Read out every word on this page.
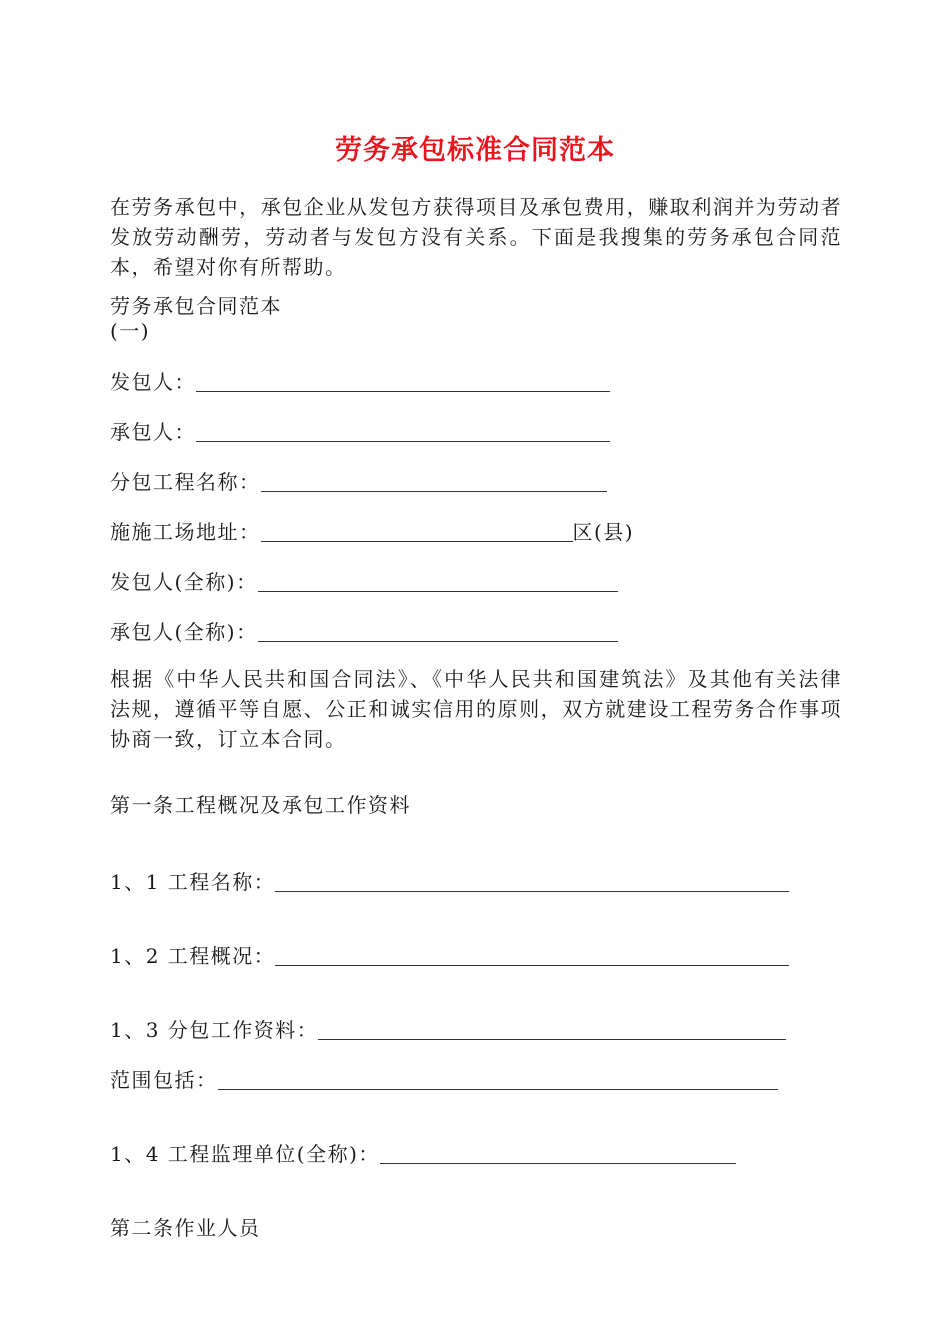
劳务承包标准合同范本
在劳务承包中，承包企业从发包方获得项目及承包费用，赚取利润并为劳动者发放劳动酬劳，劳动者与发包方没有关系。下面是我搜集的劳务承包合同范本，希望对你有所帮助。
劳务承包合同范本
(一)
发包人：
承包人：
分包工程名称：
施施工场地址：	区(县)
发包人(全称)：
承包人(全称)：
根据《中华人民共和国合同法》、《中华人民共和国建筑法》及其他有关法律法规，遵循平等自愿、公正和诚实信用的原则，双方就建设工程劳务合作事项协商一致，订立本合同。
第一条工程概况及承包工作资料
1、1 工程名称：
1、2 工程概况：
1、3 分包工作资料：
范围包括：
1、4 工程监理单位(全称)：
第二条作业人员
